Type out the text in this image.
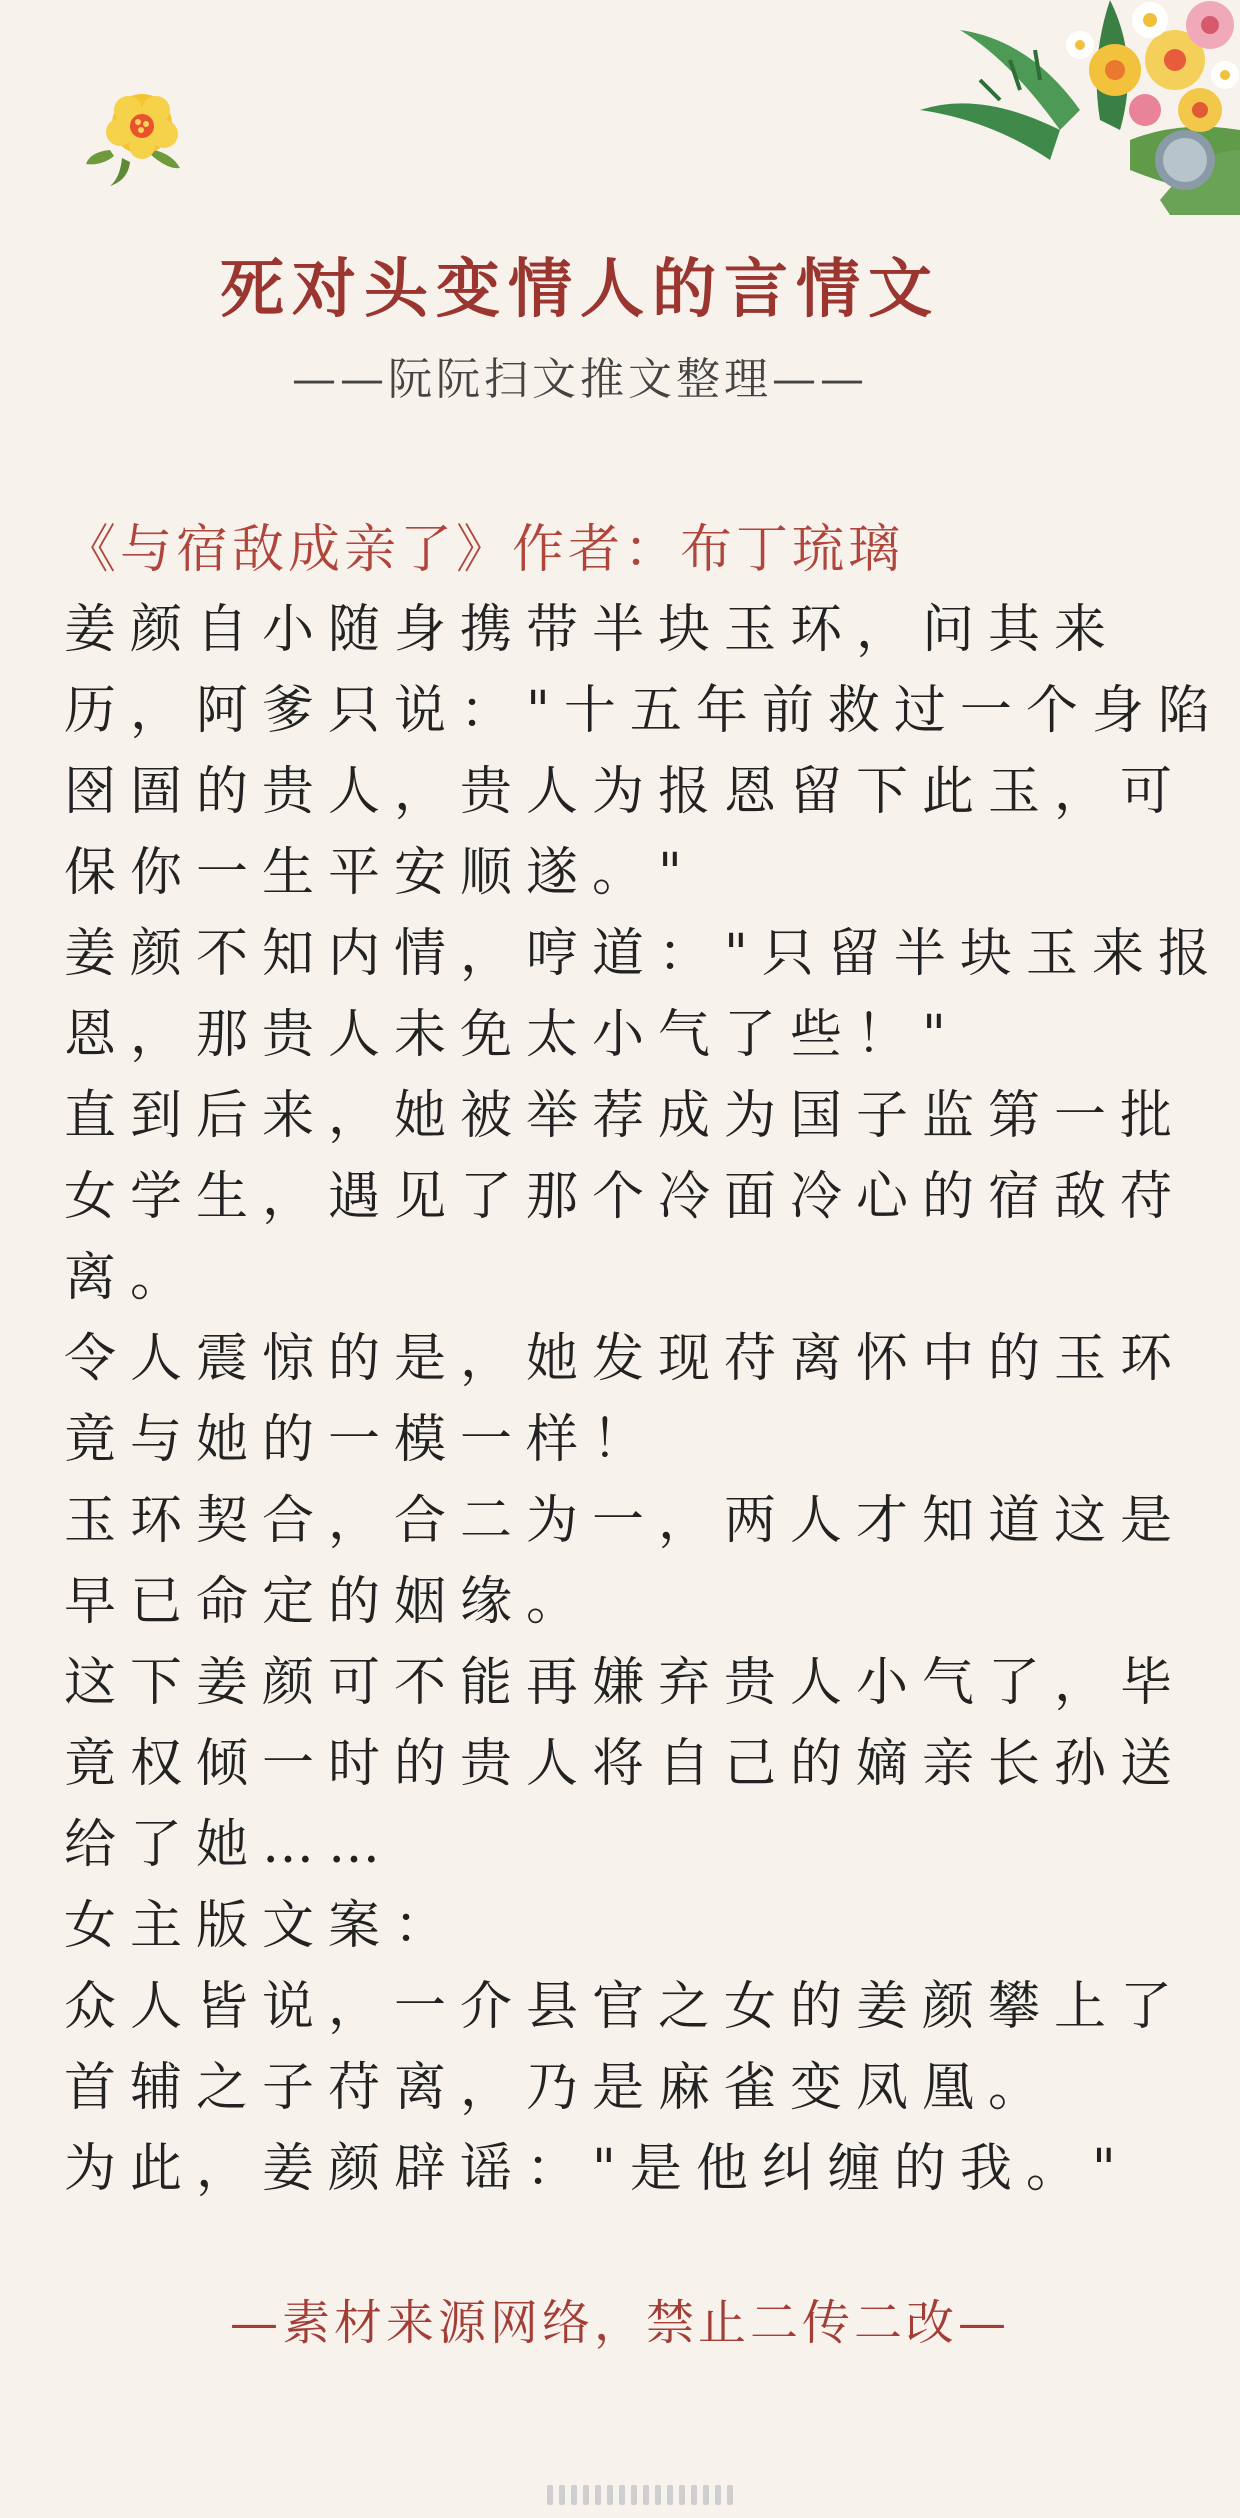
死对头变情人的言情文
——阮阮扫文推文整理——
《与宿敌成亲了》作者：布丁琉璃
姜颜自小随身携带半块玉环，问其来
历，阿爹只说："十五年前救过一个身陷
囹圄的贵人，贵人为报恩留下此玉，可
保你一生平安顺遂。"
姜颜不知内情，哼道："只留半块玉来报
恩，那贵人未免太小气了些！"
直到后来，她被举荐成为国子监第一批
女学生，遇见了那个冷面冷心的宿敌苻
离。
令人震惊的是，她发现苻离怀中的玉环
竟与她的一模一样！
玉环契合，合二为一，两人才知道这是
早已命定的姻缘。
这下姜颜可不能再嫌弃贵人小气了，毕
竟权倾一时的贵人将自己的嫡亲长孙送
给了她……
女主版文案：
众人皆说，一介县官之女的姜颜攀上了
首辅之子苻离，乃是麻雀变凤凰。
为此，姜颜辟谣："是他纠缠的我。"
—素材来源网络，禁止二传二改—
